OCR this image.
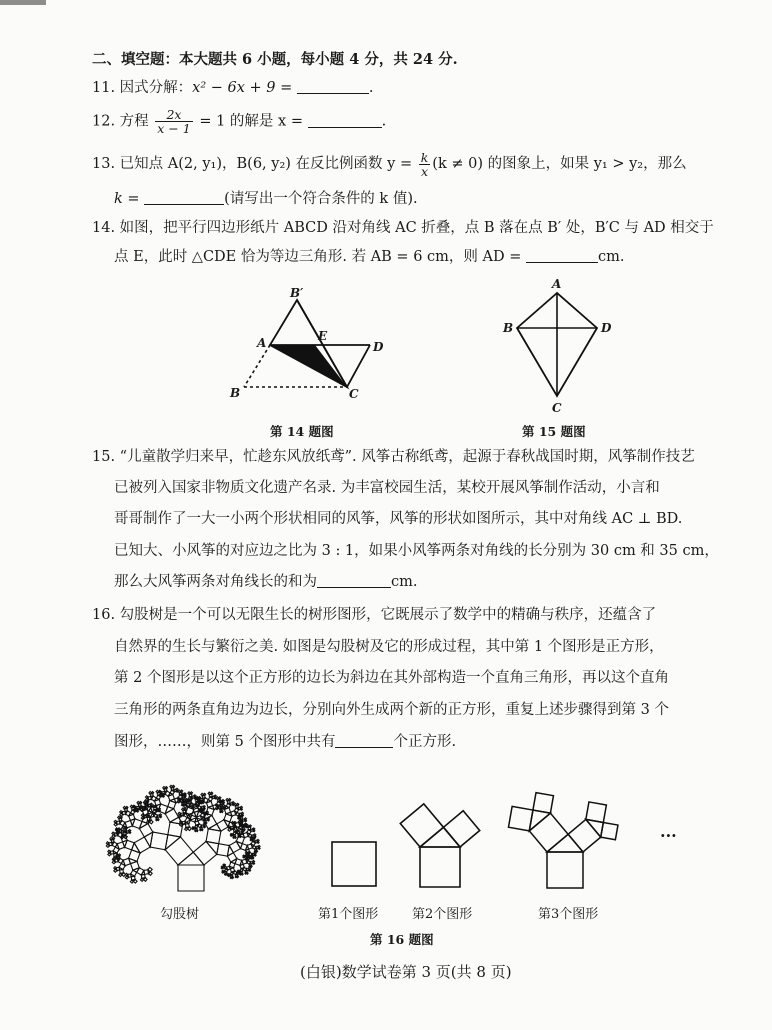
二、填空题：本大题共 6 小题，每小题 4 分，共 24 分.
11. 因式分解：x² − 6x + 9 =	.
12. 方程 $\frac{2x}{x - 1} = 1$ 的解是 x =	.
13. 已知点 A(2, y₁)，B(6, y₂) 在反比例函数 $y = \frac{k}{x} (k \ne 0)$ 的图象上，如果 y₁ > y₂，那么
k =	(请写出一个符合条件的 k 值).
14. 如图，把平行四边形纸片 ABCD 沿对角线 AC 折叠，点 B 落在点 B′ 处，B′C 与 AD 相交于
点 E，此时 △CDE 恰为等边三角形. 若 AB = 6 cm，则 AD =	cm.
B′
A	E
D
B	C
第 14 题图
A
B	D
C
第 15 题图
15. “儿童散学归来早，忙趁东风放纸鸢”. 风筝古称纸鸢，起源于春秋战国时期，风筝制作技艺
已被列入国家非物质文化遗产名录. 为丰富校园生活，某校开展风筝制作活动，小言和
哥哥制作了一大一小两个形状相同的风筝，风筝的形状如图所示，其中对角线 AC ⊥ BD.
已知大、小风筝的对应边之比为 3 : 1，如果小风筝两条对角线的长分别为 30 cm 和 35 cm，
那么大风筝两条对角线长的和为	cm.
16. 勾股树是一个可以无限生长的树形图形，它既展示了数学中的精确与秩序，还蕴含了
自然界的生长与繁衍之美. 如图是勾股树及它的形成过程，其中第 1 个图形是正方形，
第 2 个图形是以这个正方形的边长为斜边在其外部构造一个直角三角形，再以这个直角
三角形的两条直角边为边长，分别向外生成两个新的正方形，重复上述步骤得到第 3 个
图形，……，则第 5 个图形中共有	个正方形.
勾股树	第1个图形	第2个图形	第3个图形
···
第 16 题图
(白银)数学试卷第 3 页(共 8 页)
